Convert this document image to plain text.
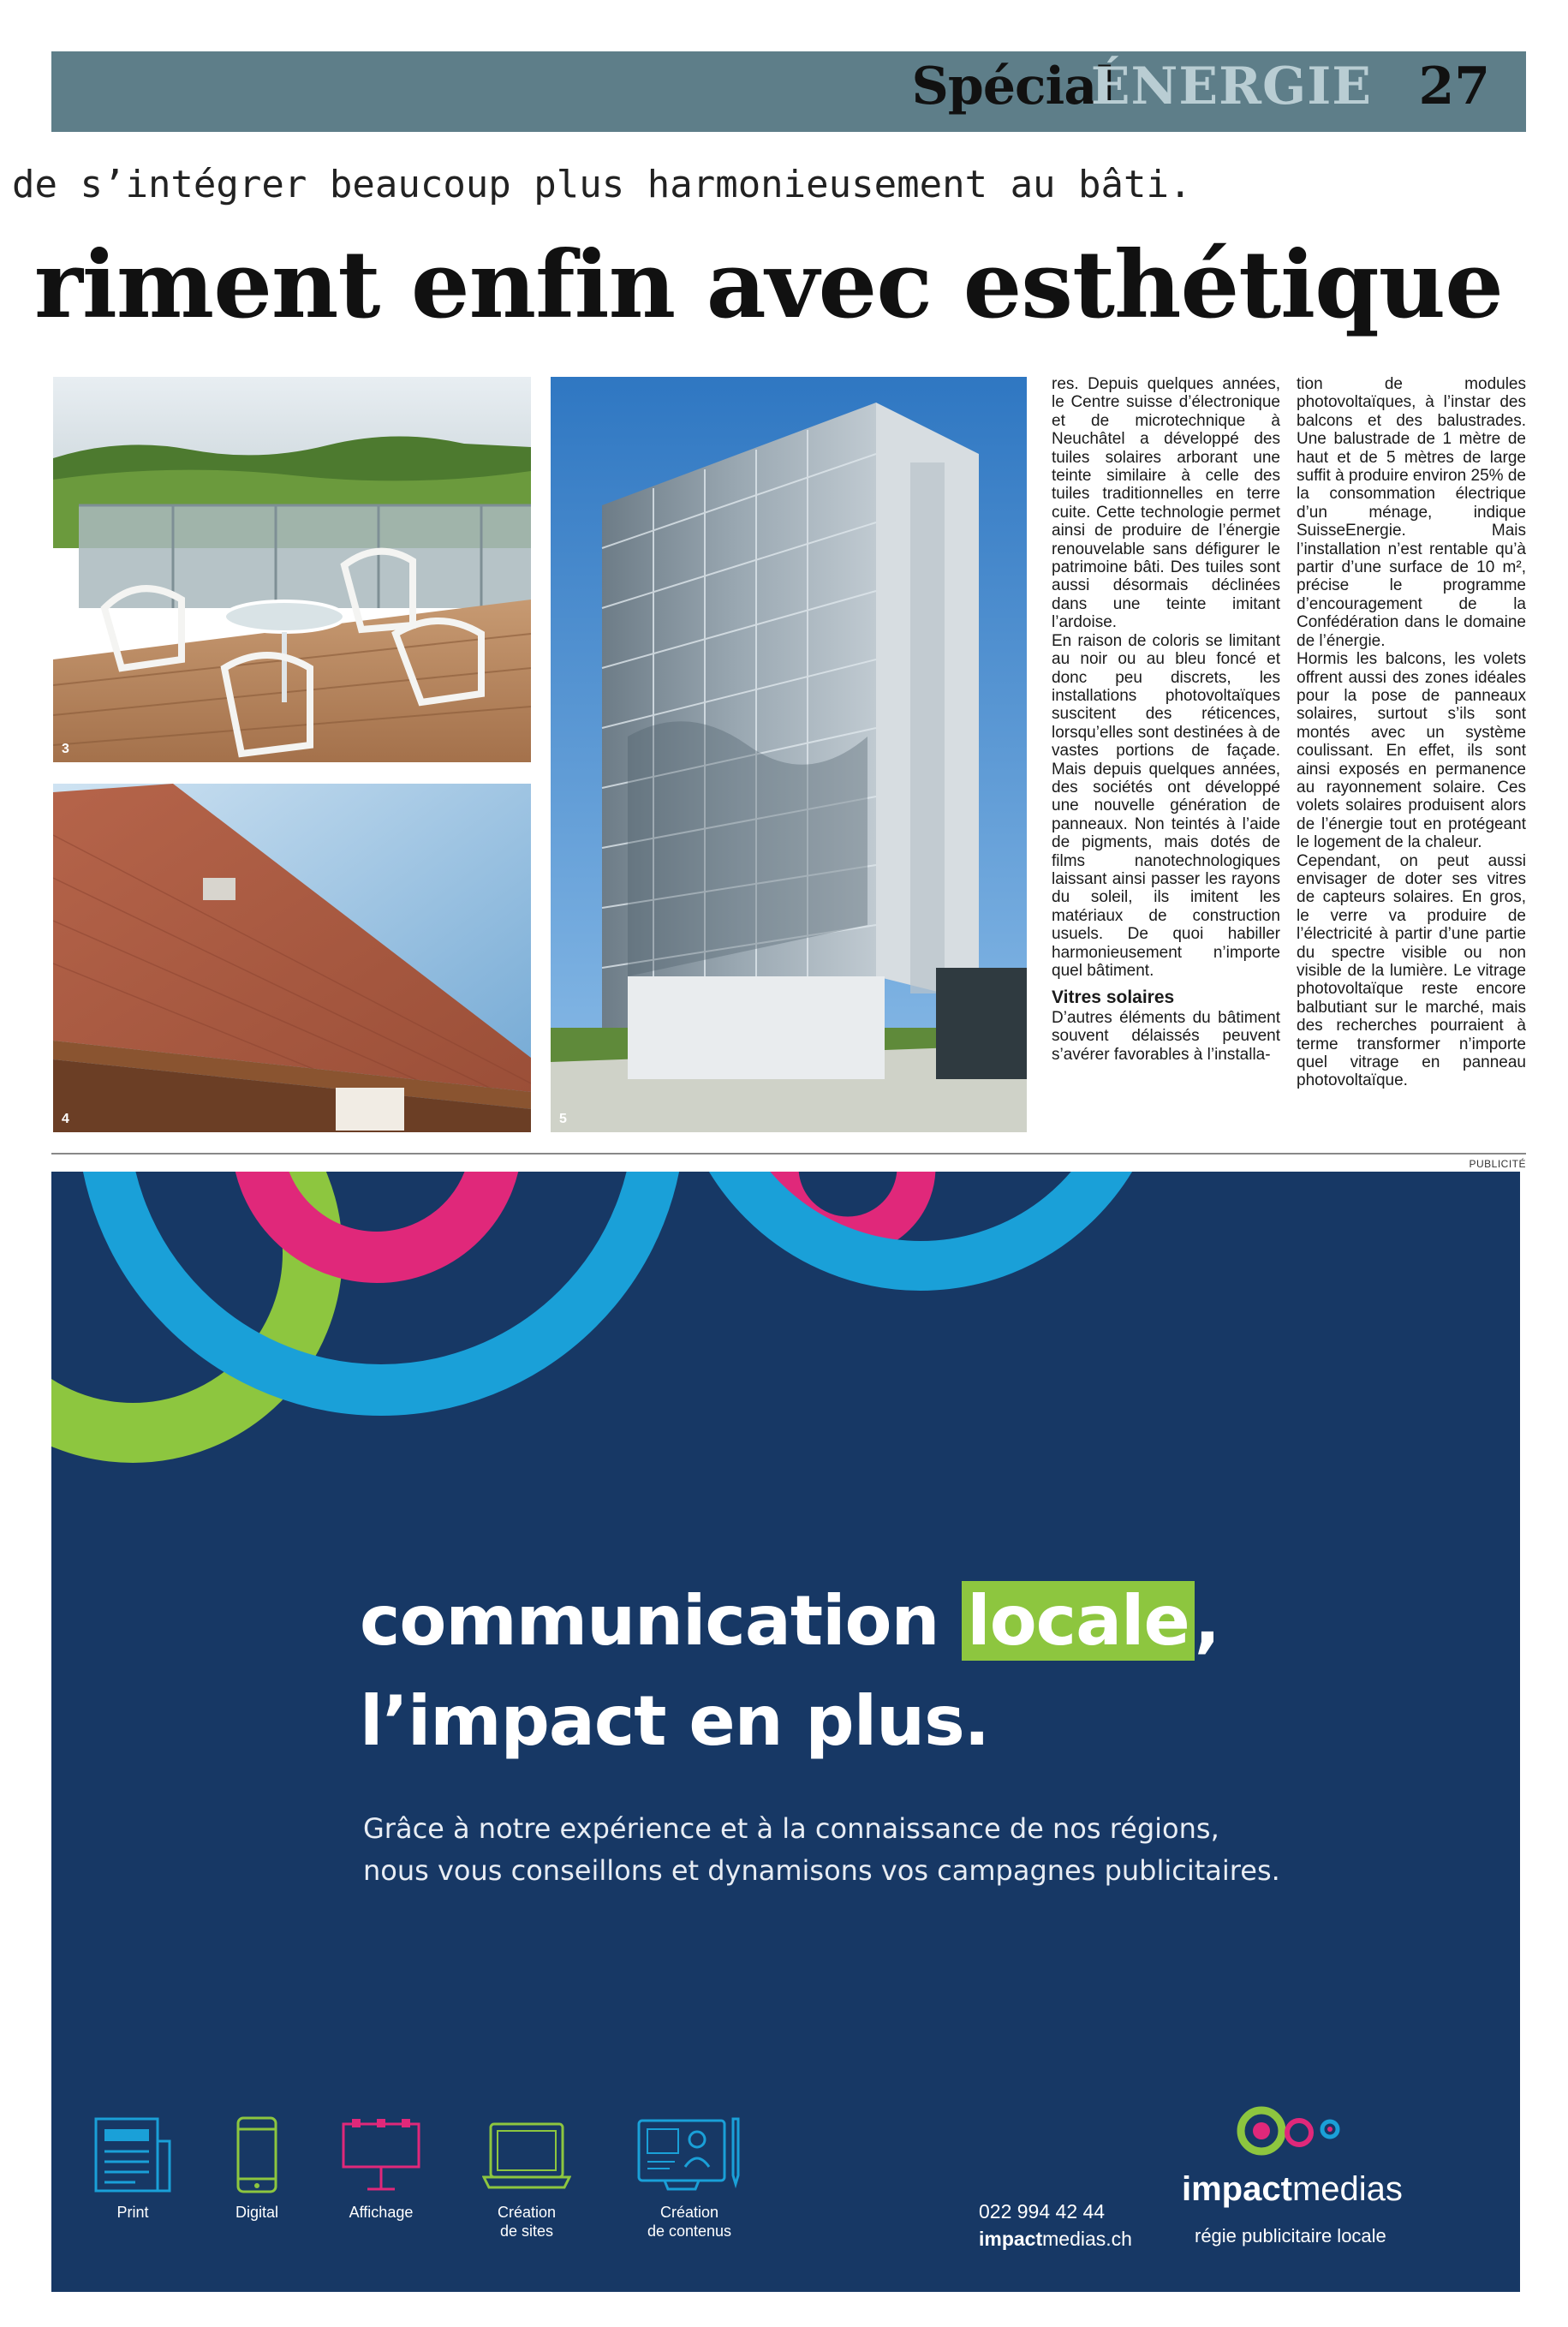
Spécial
ÉNERGIE 27
de s’intégrer beaucoup plus harmonieusement au bâti.
riment enfin avec esthétique
3
4	5

res. Depuis quelques années, le Centre suisse d’électronique et de microtechnique à Neuchâtel a développé des tuiles solaires arborant une teinte similaire à celle des tuiles traditionnelles en terre cuite. Cette technologie permet ainsi de produire de l’énergie renouvelable sans défigurer le patrimoine bâti. Des tuiles sont aussi désormais déclinées dans une teinte imitant l’ardoise.

En raison de coloris se limitant au noir ou au bleu foncé et donc peu discrets, les installations photovoltaïques suscitent des réticences, lorsqu’elles sont destinées à de vastes portions de façade. Mais depuis quelques années, des sociétés ont développé une nouvelle génération de panneaux. Non teintés à l’aide de pigments, mais dotés de films nanotechnologiques laissant ainsi passer les rayons du soleil, ils imitent les matériaux de construction usuels. De quoi habiller harmonieusement n’importe quel bâtiment.

Vitres solaires

D’autres éléments du bâtiment souvent délaissés peuvent s’avérer favorables à l’installa-

tion de modules photovoltaïques, à l’instar des balcons et des balustrades. Une balustrade de 1 mètre de haut et de 5 mètres de large suffit à produire environ 25% de la consommation électrique d’un ménage, indique SuisseEnergie. Mais l’installation n’est rentable qu’à partir d’une surface de 10 m², précise le programme d’encouragement de la Confédération dans le domaine de l’énergie.

Hormis les balcons, les volets offrent aussi des zones idéales pour la pose de panneaux solaires, surtout s’ils sont montés avec un système coulissant. En effet, ils sont ainsi exposés en permanence au rayonnement solaire. Ces volets solaires produisent alors de l’énergie tout en protégeant le logement de la chaleur.

Cependant, on peut aussi envisager de doter ses vitres de capteurs solaires. En gros, le verre va produire de l’électricité à partir d’une partie du spectre visible ou non visible de la lumière. Le vitrage photovoltaïque reste encore balbutiant sur le marché, mais des recherches pourraient à terme transformer n’importe quel vitrage en panneau photovoltaïque.

PUBLICITÉ
communication locale,
l’impact en plus.
Grâce à notre expérience et à la connaissance de nos régions,
nous vous conseillons et dynamisons vos campagnes publicitaires.
Print	Digital	Affichage	Création
de sites
Création
de contenus
022 994 42 44
impactmedias.ch
impactmedias
régie publicitaire locale
